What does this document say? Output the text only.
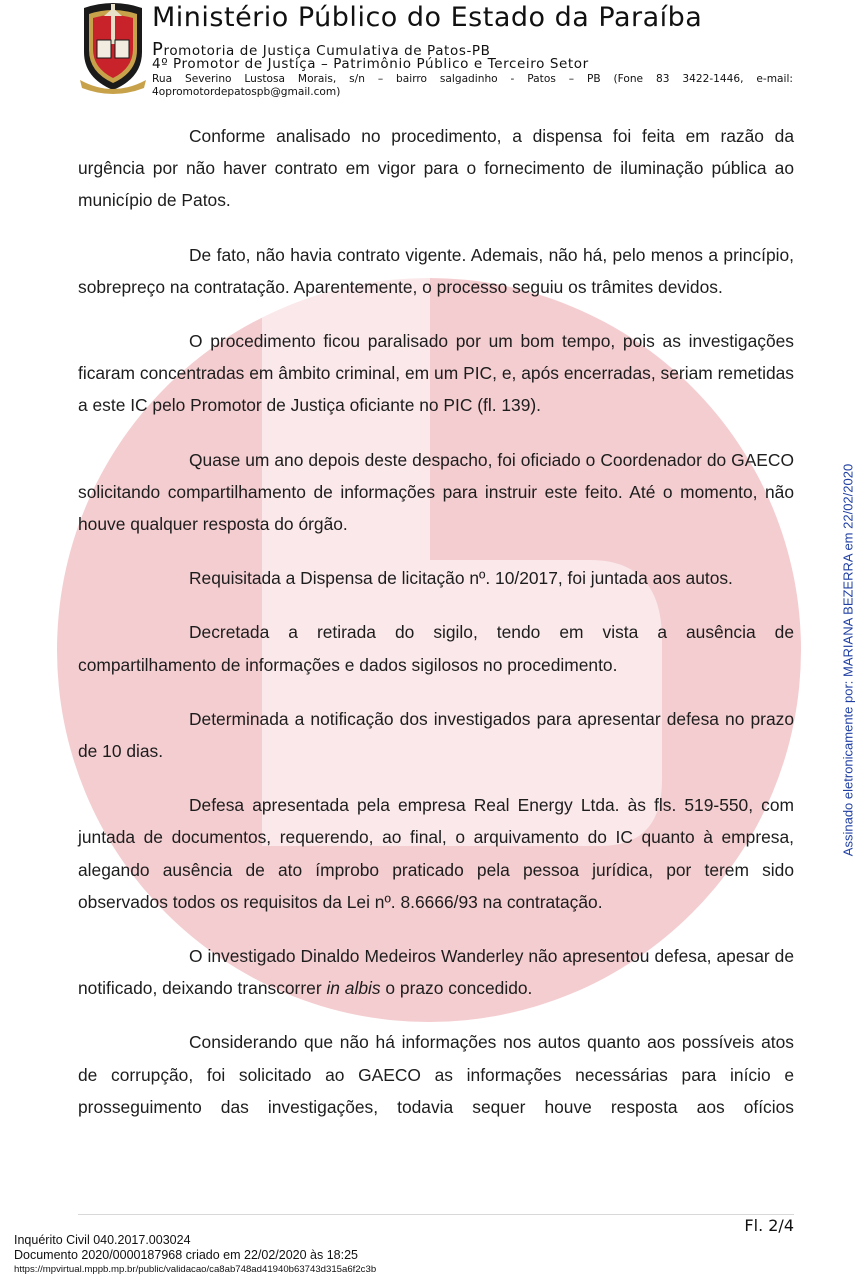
Ministério Público do Estado da Paraíba
Promotoria de Justiça Cumulativa de Patos-PB
4º Promotor de Justiça – Patrimônio Público e Terceiro Setor
Rua Severino Lustosa Morais, s/n – bairro salgadinho - Patos – PB (Fone 83 3422-1446, e-mail:
4opromotordepatospb@gmail.com)

Conforme analisado no procedimento, a dispensa foi feita em razão da urgência por não haver contrato em vigor para o fornecimento de iluminação pública ao município de Patos.

De fato, não havia contrato vigente. Ademais, não há, pelo menos a princípio, sobrepreço na contratação. Aparentemente, o processo seguiu os trâmites devidos.

O procedimento ficou paralisado por um bom tempo, pois as investigações ficaram concentradas em âmbito criminal, em um PIC, e, após encerradas, seriam remetidas a este IC pelo Promotor de Justiça oficiante no PIC (fl. 139).

Quase um ano depois deste despacho, foi oficiado o Coordenador do GAECO solicitando compartilhamento de informações para instruir este feito. Até o momento, não houve qualquer resposta do órgão.

Requisitada a Dispensa de licitação nº. 10/2017, foi juntada aos autos.

Decretada a retirada do sigilo, tendo em vista a ausência de compartilhamento de informações e dados sigilosos no procedimento.

Determinada a notificação dos investigados para apresentar defesa no prazo de 10 dias.

Defesa apresentada pela empresa Real Energy Ltda. às fls. 519-550, com juntada de documentos, requerendo, ao final, o arquivamento do IC quanto à empresa, alegando ausência de ato ímprobo praticado pela pessoa jurídica, por terem sido observados todos os requisitos da Lei nº. 8.6666/93 na contratação.

O investigado Dinaldo Medeiros Wanderley não apresentou defesa, apesar de notificado, deixando transcorrer in albis o prazo concedido.

Considerando que não há informações nos autos quanto aos possíveis atos de corrupção, foi solicitado ao GAECO as informações necessárias para início e prosseguimento das investigações, todavia sequer houve resposta aos ofícios

Fl. 2/4
Inquérito Civil 040.2017.003024
Documento 2020/0000187968 criado em 22/02/2020 às 18:25
https://mpvirtual.mppb.mp.br/public/validacao/ca8ab748ad41940b63743d315a6f2c3b
Assinado eletronicamente por: MARIANA BEZERRA em 22/02/2020
